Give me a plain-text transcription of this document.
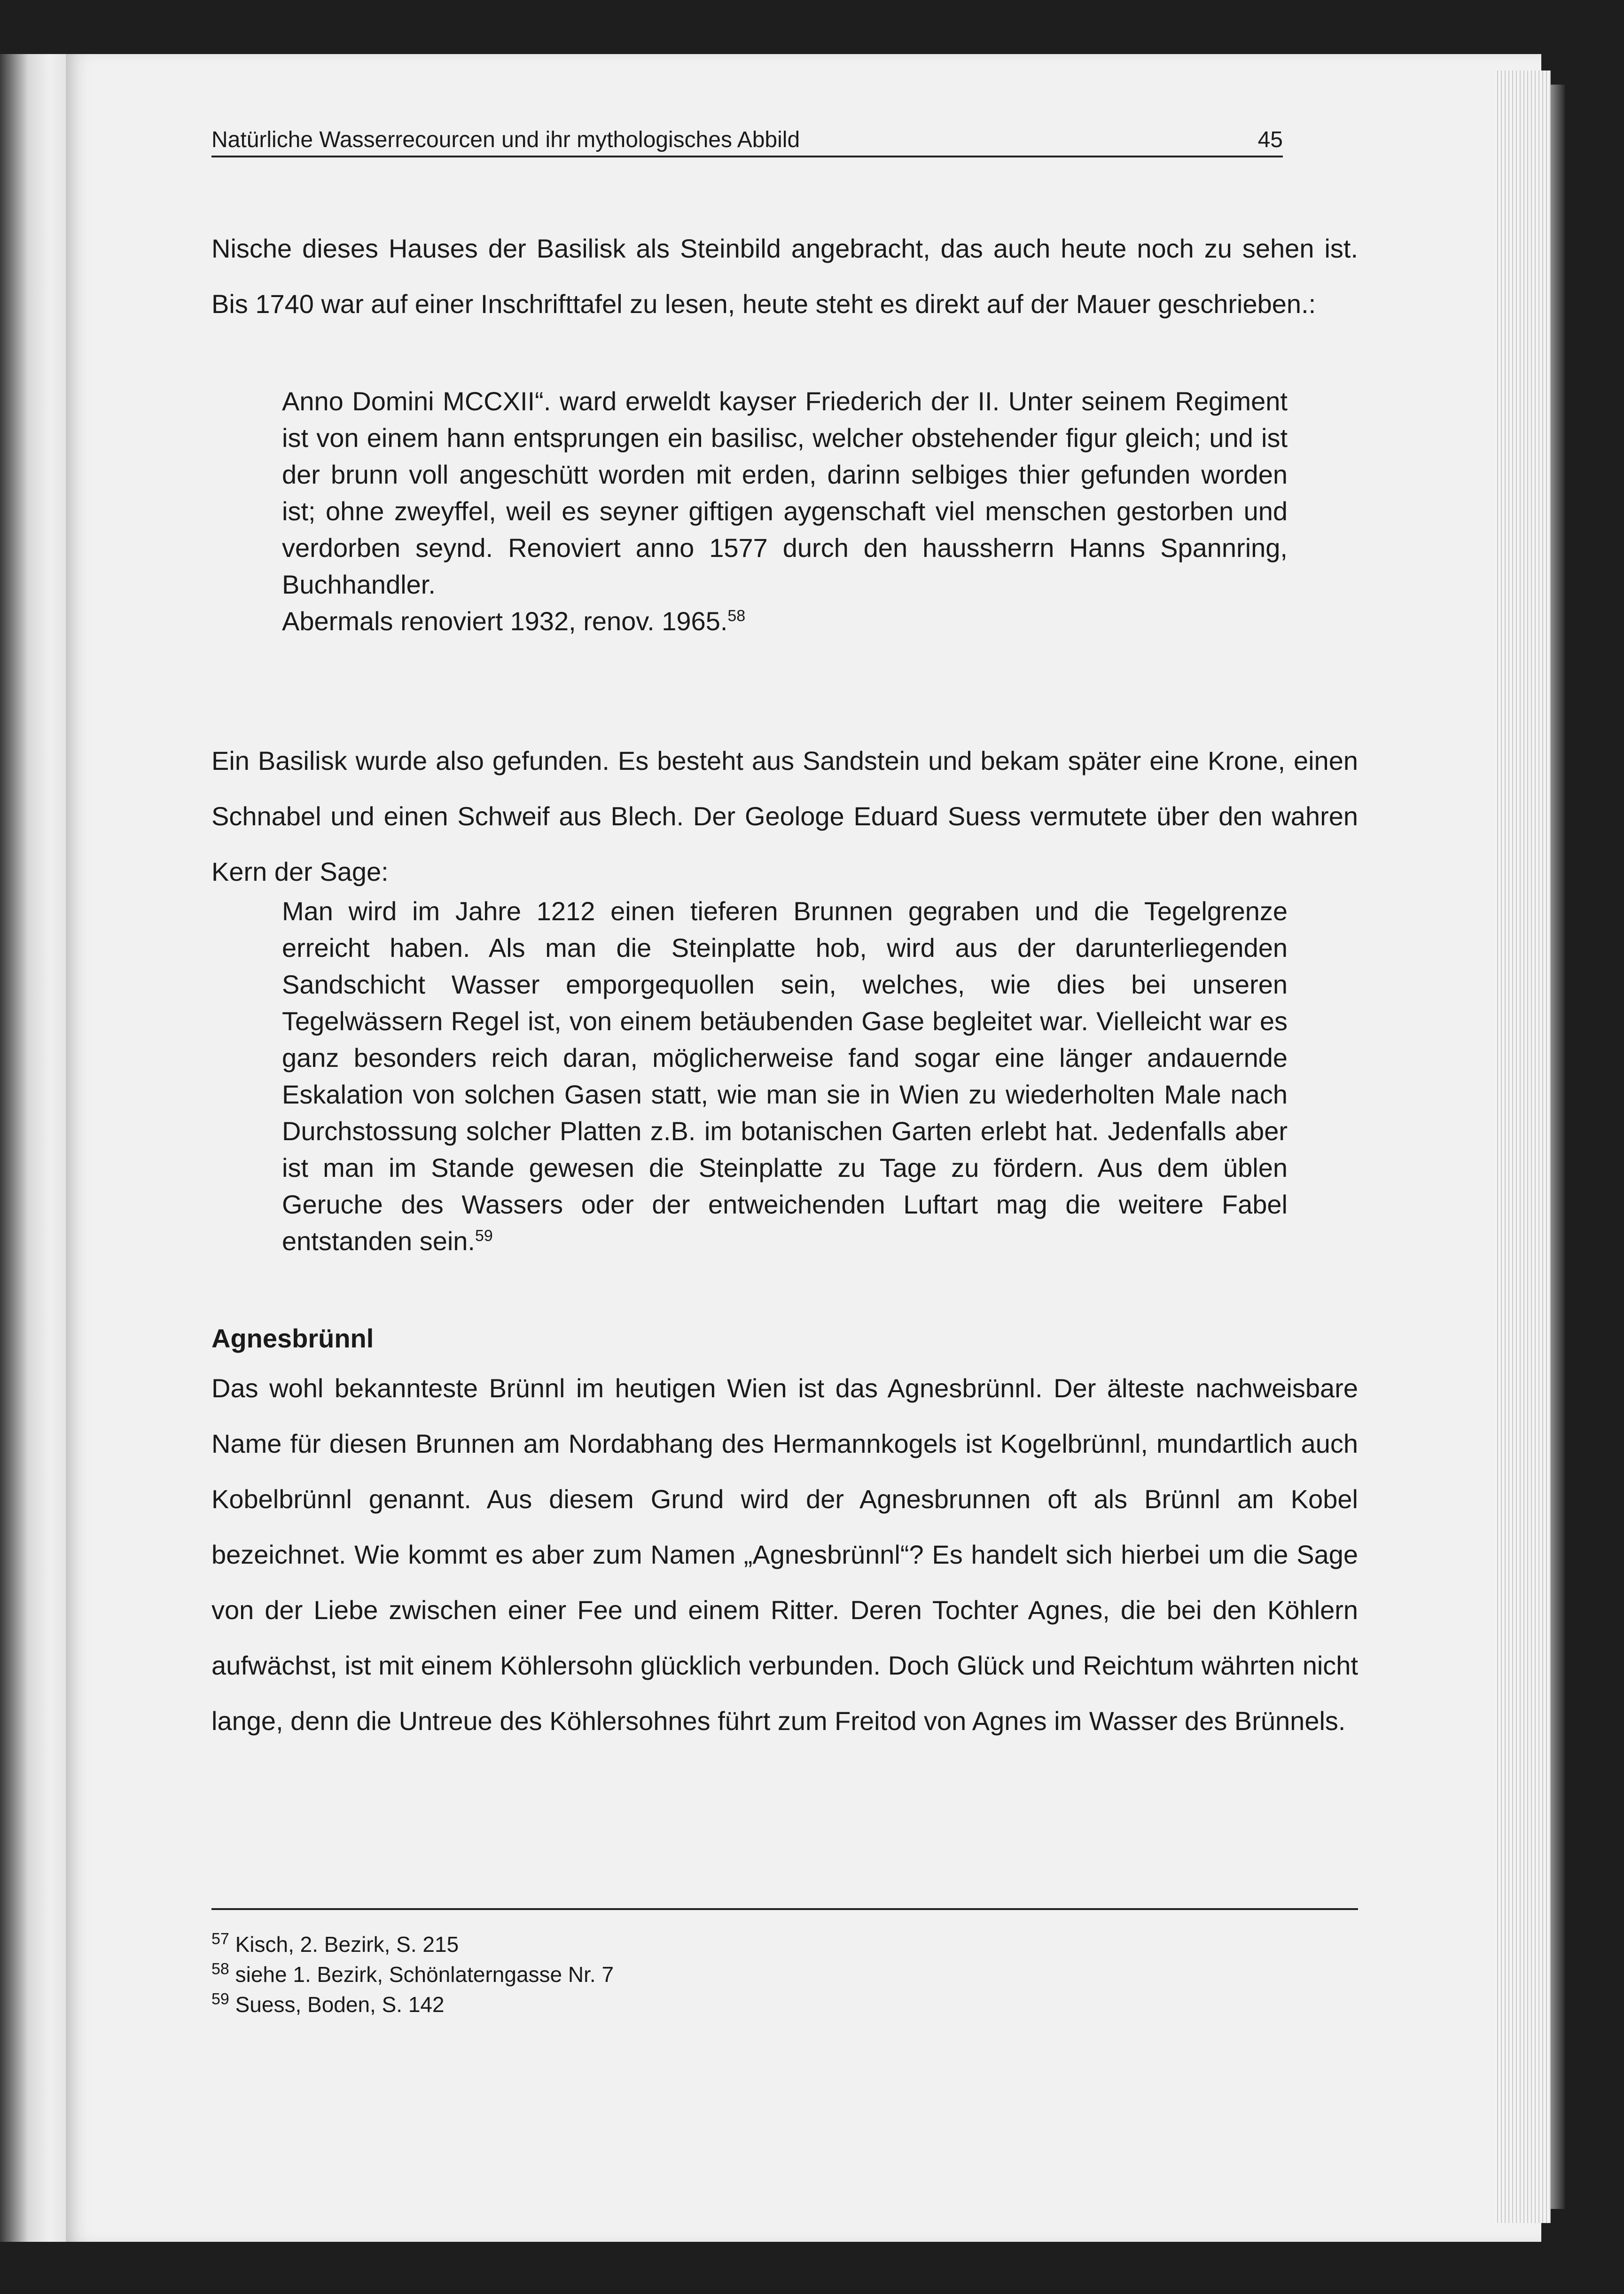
Natürliche Wasserrecourcen und ihr mythologisches Abbild	45

Nische dieses Hauses der Basilisk als Steinbild angebracht, das auch heute noch zu sehen ist. Bis 1740 war auf einer Inschrifttafel zu lesen, heute steht es direkt auf der Mauer geschrieben.:

Anno Domini MCCXII“. ward erweldt kayser Friederich der II. Unter seinem Regiment ist von einem hann entsprungen ein basilisc, welcher obstehender figur gleich; und ist der brunn voll angeschütt worden mit erden, darinn selbiges thier gefunden worden ist; ohne zweyffel, weil es seyner giftigen aygenschaft viel menschen gestorben und verdorben seynd. Renoviert anno 1577 durch den haussherrn Hanns Spannring, Buchhandler.
Abermals renoviert 1932, renov. 1965.58

Ein Basilisk wurde also gefunden. Es besteht aus Sandstein und bekam später eine Krone, einen Schnabel und einen Schweif aus Blech. Der Geologe Eduard Suess vermutete über den wahren Kern der Sage:

Man wird im Jahre 1212 einen tieferen Brunnen gegraben und die Tegelgrenze erreicht haben. Als man die Steinplatte hob, wird aus der darunterliegenden Sandschicht Wasser emporgequollen sein, welches, wie dies bei unseren Tegelwässern Regel ist, von einem betäubenden Gase begleitet war. Vielleicht war es ganz besonders reich daran, möglicherweise fand sogar eine länger andauernde Eskalation von solchen Gasen statt, wie man sie in Wien zu wiederholten Male nach Durchstossung solcher Platten z.B. im botanischen Garten erlebt hat. Jedenfalls aber ist man im Stande gewesen die Steinplatte zu Tage zu fördern. Aus dem üblen Geruche des Wassers oder der entweichenden Luftart mag die weitere Fabel entstanden sein.$^{59}$
Agnesbrünnl

Das wohl bekannteste Brünnl im heutigen Wien ist das Agnesbrünnl. Der älteste nachweisbare Name für diesen Brunnen am Nordabhang des Hermannkogels ist Kogelbrünnl, mundartlich auch Kobelbrünnl genannt. Aus diesem Grund wird der Agnesbrunnen oft als Brünnl am Kobel bezeichnet. Wie kommt es aber zum Namen „Agnesbrünnl“? Es handelt sich hierbei um die Sage von der Liebe zwischen einer Fee und einem Ritter. Deren Tochter Agnes, die bei den Köhlern aufwächst, ist mit einem Köhlersohn glücklich verbunden. Doch Glück und Reichtum währten nicht lange, denn die Untreue des Köhlersohnes führt zum Freitod von Agnes im Wasser des Brünnels.

$^{57}$ Kisch, 2. Bezirk, S. 215
$^{58}$ siehe 1. Bezirk, Schönlaterngasse Nr. 7
$^{59}$ Suess, Boden, S. 142
